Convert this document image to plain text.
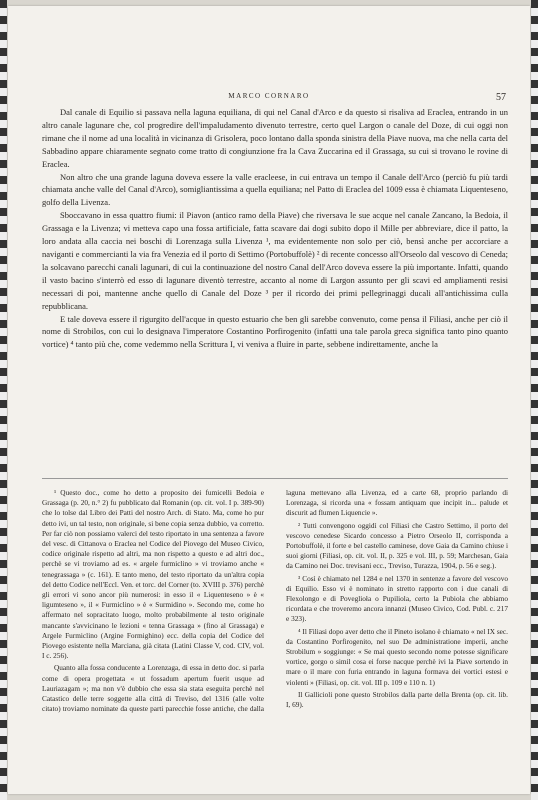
MARCO CORNARO	57

Dal canale di Equilio si passava nella laguna equiliana, di qui nel Canal d'Arco e da questo si risaliva ad Eraclea, entrando in un altro canale lagunare che, col progredire dell'impaludamento divenuto terrestre, certo quel Largon o canale del Doze, di cui oggi non rimane che il nome ad una località in vicinanza di Grisolera, poco lontano dalla sponda sinistra della Piave nuova, ma che nella carta del Sabbadino appare chiaramente segnato come tratto di congiunzione fra la Cava Zuccarina ed il Grassaga, su cui si trovano le rovine di Eraclea.

Non altro che una grande laguna doveva essere la valle eracleese, in cui entrava un tempo il Canale dell'Arco (perciò fu più tardi chiamata anche valle del Canal d'Arco), somigliantissima a quella equiliana; nel Patto di Eraclea del 1009 essa è chiamata Liquenteseno, golfo della Livenza.

Sboccavano in essa quattro fiumi: il Piavon (antico ramo della Piave) che riversava le sue acque nel canale Zancano, la Bedoia, il Grassaga e la Livenza; vi metteva capo una fossa artificiale, fatta scavare dai dogi subito dopo il Mille per abbreviare, dice il patto, la loro andata alla caccia nei boschi di Lorenzaga sulla Livenza ¹, ma evidentemente non solo per ciò, bensì anche per accorciare a naviganti e commercianti la via fra Venezia ed il porto di Settimo (Portobuffolè) ² di recente concesso all'Orseolo dal vescovo di Ceneda; la solcavano parecchi canali lagunari, di cui la continuazione del nostro Canal dell'Arco doveva essere la più importante. Infatti, quando il vasto bacino s'interrò ed esso di lagunare diventò terrestre, accanto al nome di Largon assunto per gli scavi ed ampliamenti resisi necessari di poi, mantenne anche quello di Canale del Doze ³ per il ricordo dei primi pellegrinaggi ducali all'antichissima culla repubblicana.

E tale doveva essere il rigurgito dell'acque in questo estuario che ben gli sarebbe convenuto, come pensa il Filiasi, anche per ciò il nome di Strobilos, con cui lo designava l'imperatore Costantino Porfirogenito (infatti una tale parola greca significa tanto pino quanto vortice) ⁴ tanto più che, come vedemmo nella Scrittura I, vi veniva a fluire in parte, sebbene indirettamente, anche la

¹ Questo doc., come ho detto a proposito dei fumicelli Bedoia e Grassaga (p. 20, n.° 2) fu pubblicato dal Romanin (op. cit. vol. I p. 389-90) che lo tolse dal Libro dei Patti del nostro Arch. di Stato. Ma, come ho pur detto ivi, un tal testo, non originale, si bene copia senza dubbio, va corretto. Per far ciò non possiamo valerci del testo riportato in una sentenza a favore del vesc. di Cittanova o Eraclea nel Codice del Piovego del Museo Civico, codice originale rispetto ad altri, ma non rispetto a questo e ad altri doc., perchè se vi troviamo ad es. « argele furmiclino » vi troviamo anche « tenegrassaga » (c. 161). E tanto meno, del testo riportato da un'altra copia del detto Codice nell'Eccl. Ven. et torc. del Corner (to. XVIII p. 376) perchè gli errori vi sono ancor più numerosi: in esso il « Liquenteseno » è « ligumteseno », il « Furmiclino » è « Surmidino ». Secondo me, come ho affermato nel sopracitato luogo, molto probabilmente al testo originale mancante s'avvicinano le lezioni « tenna Grassaga » (fino al Grassaga) e Argele Furmiclino (Argine Formighino) ecc. della copia del Codice del Piovego esistente nella Marciana, già citata (Latini Classe V, cod. CIV, vol. I c. 256).

Quanto alla fossa conducente a Lorenzaga, di essa in detto doc. si parla come di opera progettata « ut fossadum apertum fuerit usque ad Lauriazagam »; ma non v'è dubbio che essa sia stata eseguita perchè nel Catastico delle terre soggette alla città di Treviso, del 1316 (alle volte citato) troviamo nominate da queste parti parecchie fosse antiche, che dalla laguna mettevano alla Livenza, ed a carte 68, proprio parlando di Lorenzaga, si ricorda una « fossam antiquam que incipit in... palude et discurit ad flumen Liquencie ».

² Tutti convengono oggidì col Filiasi che Castro Settimo, il porto del vescovo cenedese Sicardo concesso a Pietro Orseolo II, corrisponda a Portobuffolè, il forte e bel castello caminese, dove Gaia da Camino chiuse i suoi giorni (Filiasi, op. cit. vol. II, p. 325 e vol. III, p. 59; Marchesan, Gaia da Camino nei Doc. trevisani ecc., Treviso, Turazza, 1904, p. 56 e seg.).

³ Così è chiamato nel 1284 e nel 1370 in sentenze a favore del vescovo di Equilio. Esso vi è nominato in stretto rapporto con i due canali di Flexolongo e di Poveglioła o Pupiliola, certo la Pubiola che abbiamo ricordata e che troveremo ancora innanzi (Museo Civico, Cod. Publ. c. 217 e 323).

⁴ Il Filiasi dopo aver detto che il Pineto isolano è chiamato « nel IX sec. da Costantino Porfirogenito, nel suo De administratione imperii, anche Strobilum » soggiunge: « Se mai questo secondo nome potesse significare vortice, gorgo o simil cosa ei forse nacque perchè ivi la Piave sortendo in mare o il mare con furia entrando in laguna formava dei vortici estesi e violenti » (Filiasi, op. cit. vol. III p. 109 e 110 n. 1)

Il Gallicioli pone questo Strobilos dalla parte della Brenta (op. cit. lib. I, 69).
